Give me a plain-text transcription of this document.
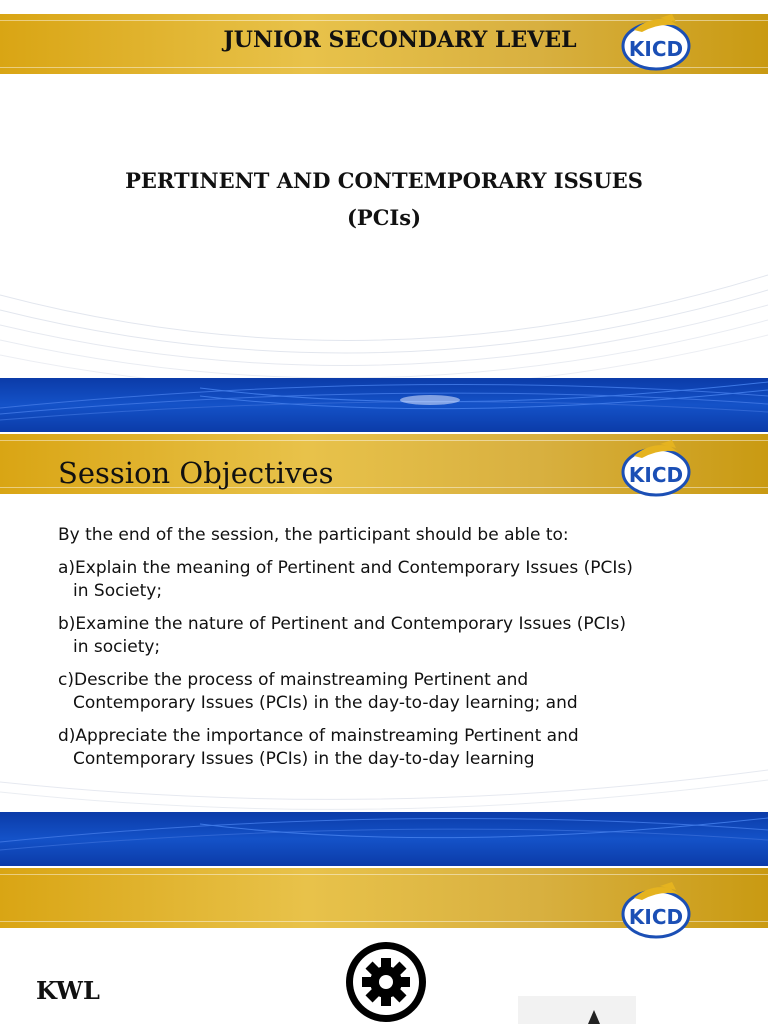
JUNIOR SECONDARY LEVEL	KICD
PERTINENT AND CONTEMPORARY ISSUES
(PCIs)
Session Objectives	KICD
By the end of the session, the participant should be able to:
a)Explain the meaning of Pertinent and Contemporary Issues (PCIs)
in Society;
b)Examine the nature of Pertinent and Contemporary Issues (PCIs)
in society;
c)Describe the process of mainstreaming Pertinent and
Contemporary Issues (PCIs) in the day-to-day learning; and
d)Appreciate the importance of mainstreaming Pertinent and
Contemporary Issues (PCIs) in the day-to-day learning
KICD
KWL
